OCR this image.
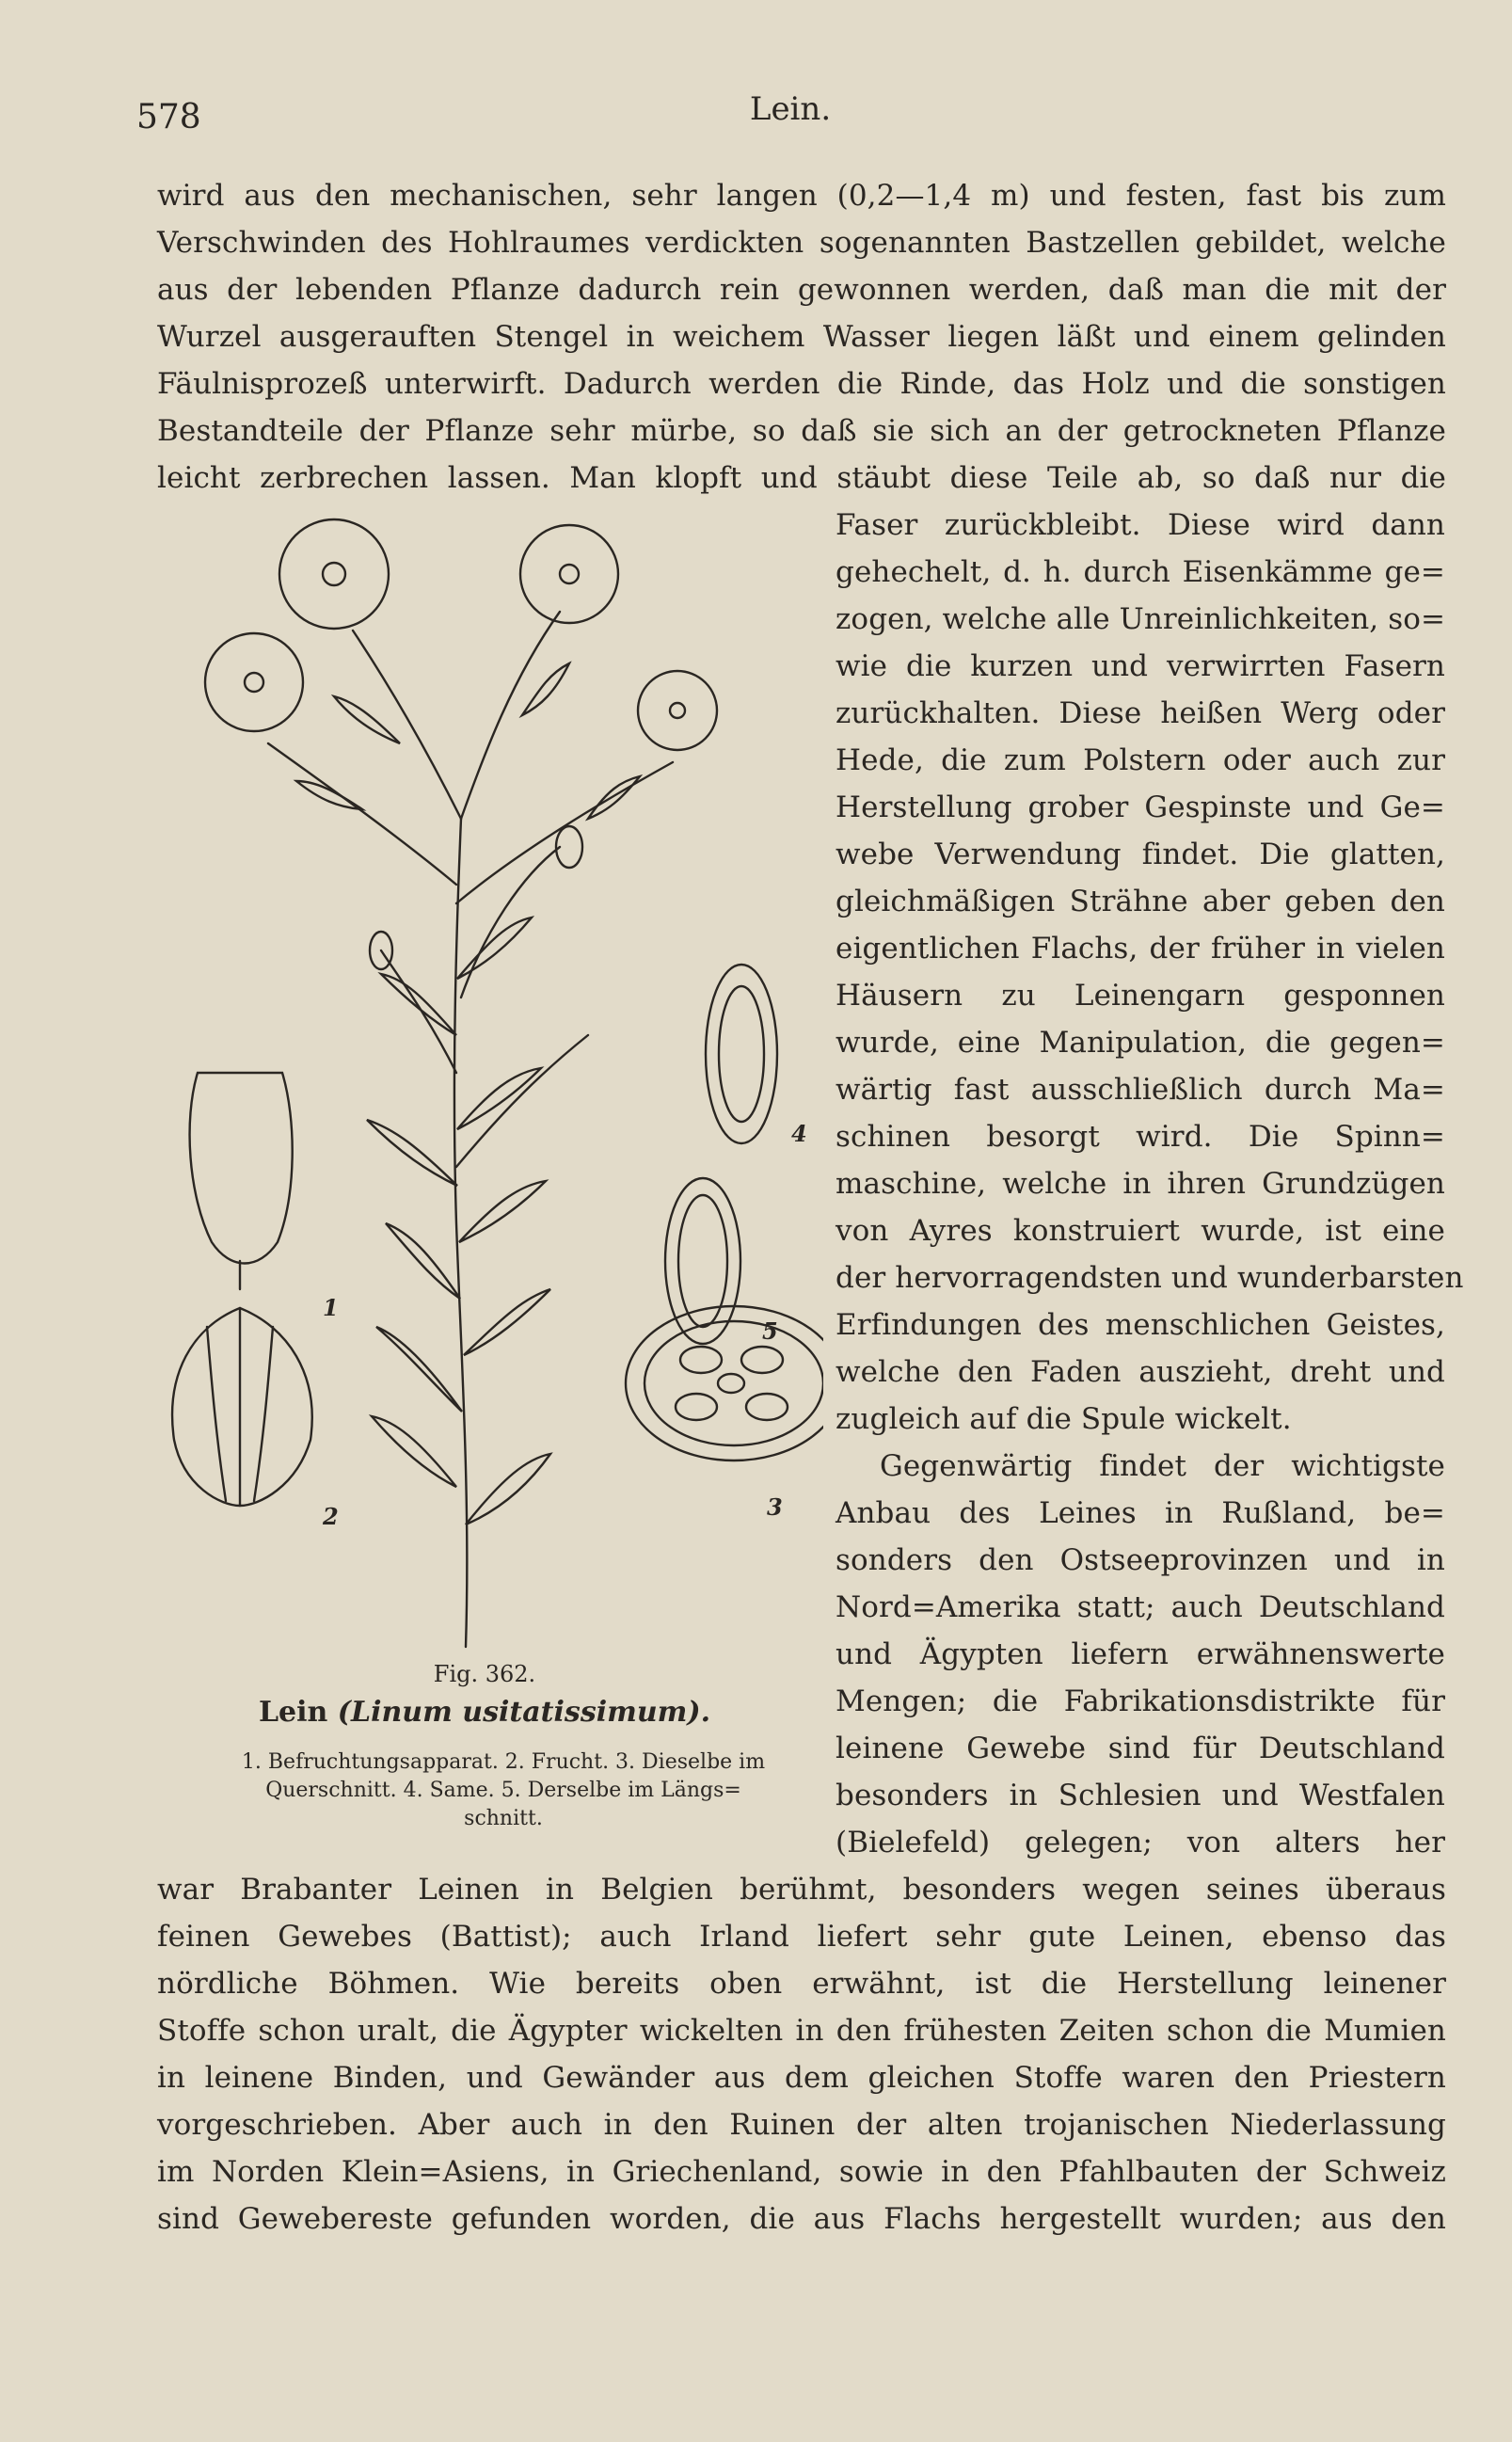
578	Lein.
wird aus den mechanischen, sehr langen (0,2—1,4 m) und festen, fast bis zum
Verschwinden des Hohlraumes verdickten sogenannten Bastzellen gebildet, welche
aus der lebenden Pflanze dadurch rein gewonnen werden, daß man die mit der
Wurzel ausgerauften Stengel in weichem Wasser liegen läßt und einem gelinden
Fäulnisprozeß unterwirft. Dadurch werden die Rinde, das Holz und die sonstigen
Bestandteile der Pflanze sehr mürbe, so daß sie sich an der getrockneten Pflanze
leicht zerbrechen lassen. Man klopft und stäubt diese Teile ab, so daß nur die
Faser zurückbleibt. Diese wird dann
gehechelt, d. h. durch Eisenkämme ge=
zogen, welche alle Unreinlichkeiten, so=
wie die kurzen und verwirrten Fasern
zurückhalten. Diese heißen Werg oder
Hede, die zum Polstern oder auch zur
Herstellung grober Gespinste und Ge=
webe Verwendung findet. Die glatten,
gleichmäßigen Strähne aber geben den
eigentlichen Flachs, der früher in vielen
Häusern zu Leinengarn gesponnen
wurde, eine Manipulation, die gegen=
wärtig fast ausschließlich durch Ma=
schinen besorgt wird. Die Spinn=
maschine, welche in ihren Grundzügen
von Ayres konstruiert wurde, ist eine
der hervorragendsten und wunderbarsten
Erfindungen des menschlichen Geistes,
welche den Faden auszieht, dreht und
zugleich auf die Spule wickelt.
Gegenwärtig findet der wichtigste
Anbau des Leines in Rußland, be=
sonders den Ostseeprovinzen und in
Nord=Amerika statt; auch Deutschland
und Ägypten liefern erwähnenswerte
Mengen; die Fabrikationsdistrikte für
leinene Gewebe sind für Deutschland
besonders in Schlesien und Westfalen
(Bielefeld) gelegen; von alters her
war Brabanter Leinen in Belgien berühmt, besonders wegen seines überaus
feinen Gewebes (Battist); auch Irland liefert sehr gute Leinen, ebenso das
nördliche Böhmen. Wie bereits oben erwähnt, ist die Herstellung leinener
Stoffe schon uralt, die Ägypter wickelten in den frühesten Zeiten schon die Mumien
in leinene Binden, und Gewänder aus dem gleichen Stoffe waren den Priestern
vorgeschrieben. Aber auch in den Ruinen der alten trojanischen Niederlassung
im Norden Klein=Asiens, in Griechenland, sowie in den Pfahlbauten der Schweiz
sind Gewebereste gefunden worden, die aus Flachs hergestellt wurden; aus den
1
2	3
4
5
Fig. 362.
Lein (Linum usitatissimum).
1. Befruchtungsapparat. 2. Frucht. 3. Dieselbe im
Querschnitt. 4. Same. 5. Derselbe im Längs=
schnitt.
